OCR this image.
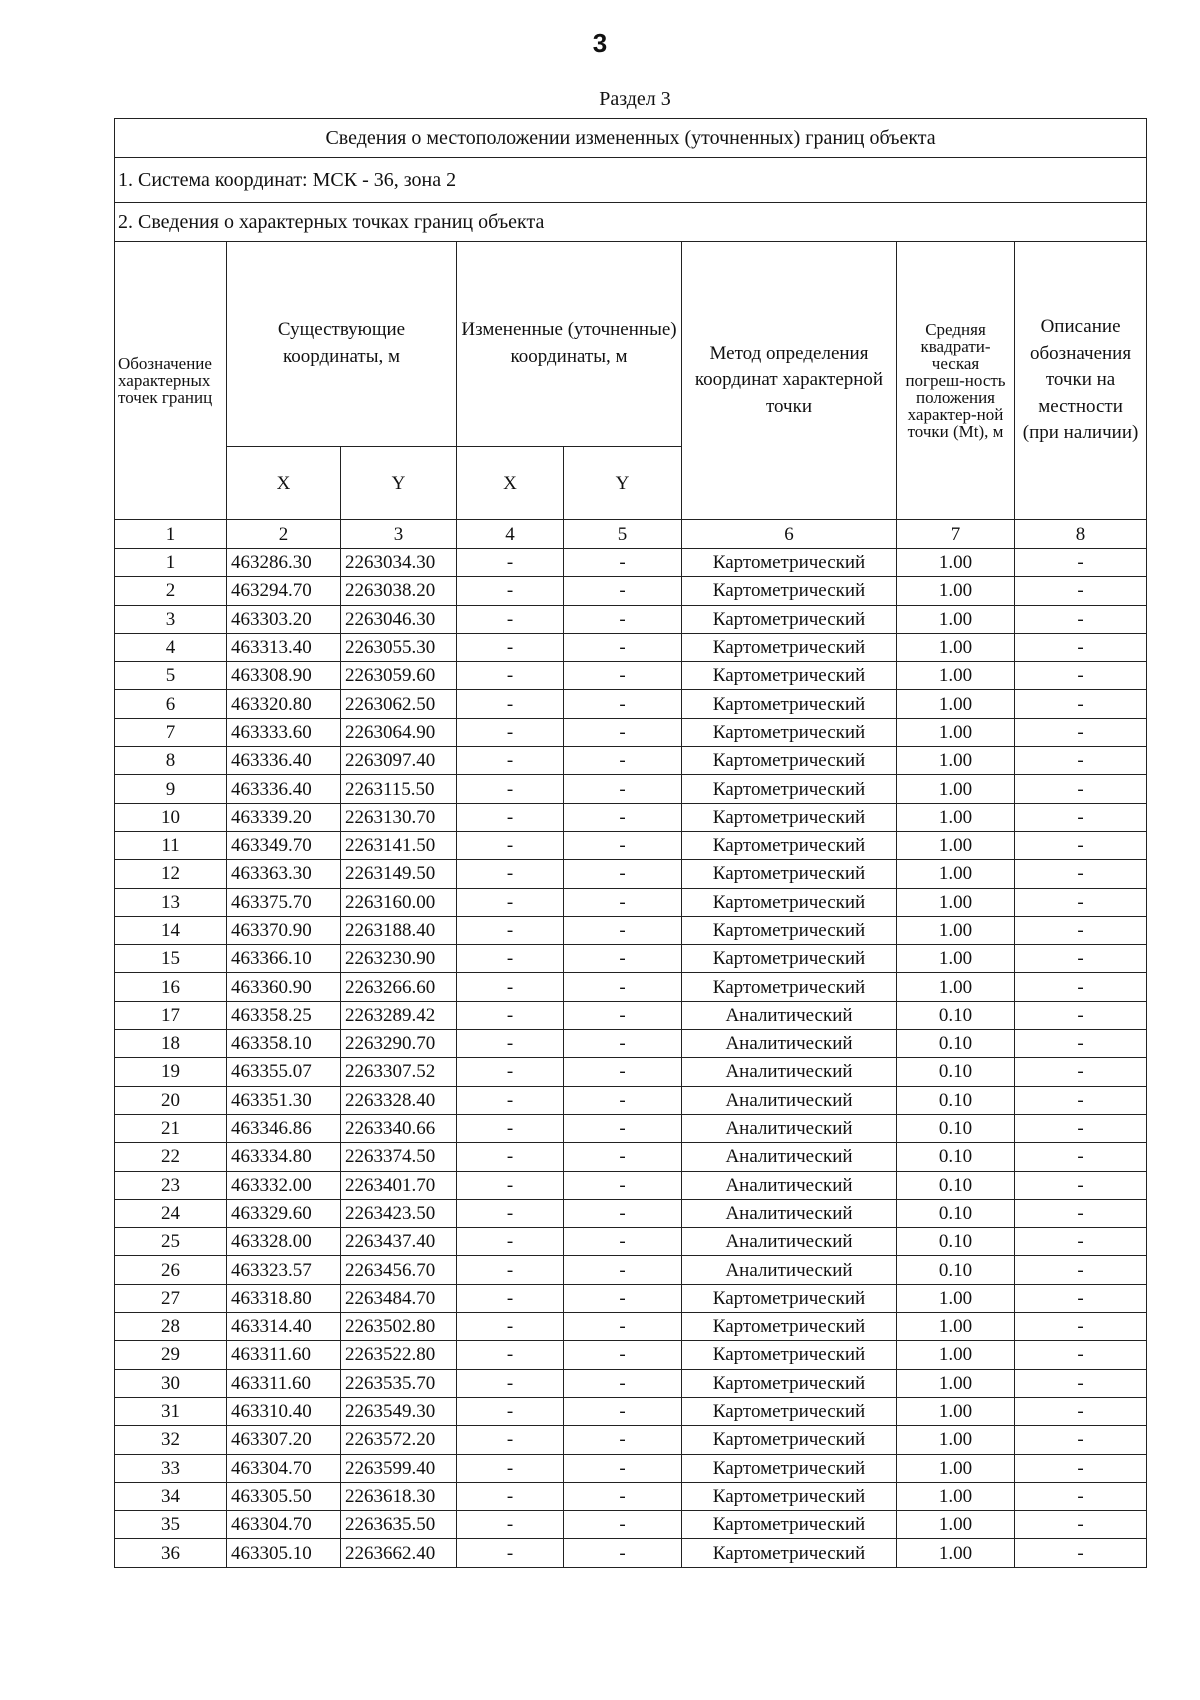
3
Раздел 3
Сведения о местоположении измененных (уточненных) границ объекта							
1. Система координат: МСК - 36, зона 2							
2. Сведения о характерных точках границ объекта							
Обозначение характерных точек границ	Существующие координаты, м		Измененные (уточненные) координаты, м		Метод определения координат характерной точки	Средняя квадрати-ческая погреш-ность положения характер-ной точки (Mt), м	Описание обозначения точки на местности (при наличии)
	X	Y	X	Y			
1	2	3	4	5	6	7	8
1	463286.30	2263034.30	-	-	Картометрический	1.00	-
2	463294.70	2263038.20	-	-	Картометрический	1.00	-
3	463303.20	2263046.30	-	-	Картометрический	1.00	-
4	463313.40	2263055.30	-	-	Картометрический	1.00	-
5	463308.90	2263059.60	-	-	Картометрический	1.00	-
6	463320.80	2263062.50	-	-	Картометрический	1.00	-
7	463333.60	2263064.90	-	-	Картометрический	1.00	-
8	463336.40	2263097.40	-	-	Картометрический	1.00	-
9	463336.40	2263115.50	-	-	Картометрический	1.00	-
10	463339.20	2263130.70	-	-	Картометрический	1.00	-
11	463349.70	2263141.50	-	-	Картометрический	1.00	-
12	463363.30	2263149.50	-	-	Картометрический	1.00	-
13	463375.70	2263160.00	-	-	Картометрический	1.00	-
14	463370.90	2263188.40	-	-	Картометрический	1.00	-
15	463366.10	2263230.90	-	-	Картометрический	1.00	-
16	463360.90	2263266.60	-	-	Картометрический	1.00	-
17	463358.25	2263289.42	-	-	Аналитический	0.10	-
18	463358.10	2263290.70	-	-	Аналитический	0.10	-
19	463355.07	2263307.52	-	-	Аналитический	0.10	-
20	463351.30	2263328.40	-	-	Аналитический	0.10	-
21	463346.86	2263340.66	-	-	Аналитический	0.10	-
22	463334.80	2263374.50	-	-	Аналитический	0.10	-
23	463332.00	2263401.70	-	-	Аналитический	0.10	-
24	463329.60	2263423.50	-	-	Аналитический	0.10	-
25	463328.00	2263437.40	-	-	Аналитический	0.10	-
26	463323.57	2263456.70	-	-	Аналитический	0.10	-
27	463318.80	2263484.70	-	-	Картометрический	1.00	-
28	463314.40	2263502.80	-	-	Картометрический	1.00	-
29	463311.60	2263522.80	-	-	Картометрический	1.00	-
30	463311.60	2263535.70	-	-	Картометрический	1.00	-
31	463310.40	2263549.30	-	-	Картометрический	1.00	-
32	463307.20	2263572.20	-	-	Картометрический	1.00	-
33	463304.70	2263599.40	-	-	Картометрический	1.00	-
34	463305.50	2263618.30	-	-	Картометрический	1.00	-
35	463304.70	2263635.50	-	-	Картометрический	1.00	-
36	463305.10	2263662.40	-	-	Картометрический	1.00	-
